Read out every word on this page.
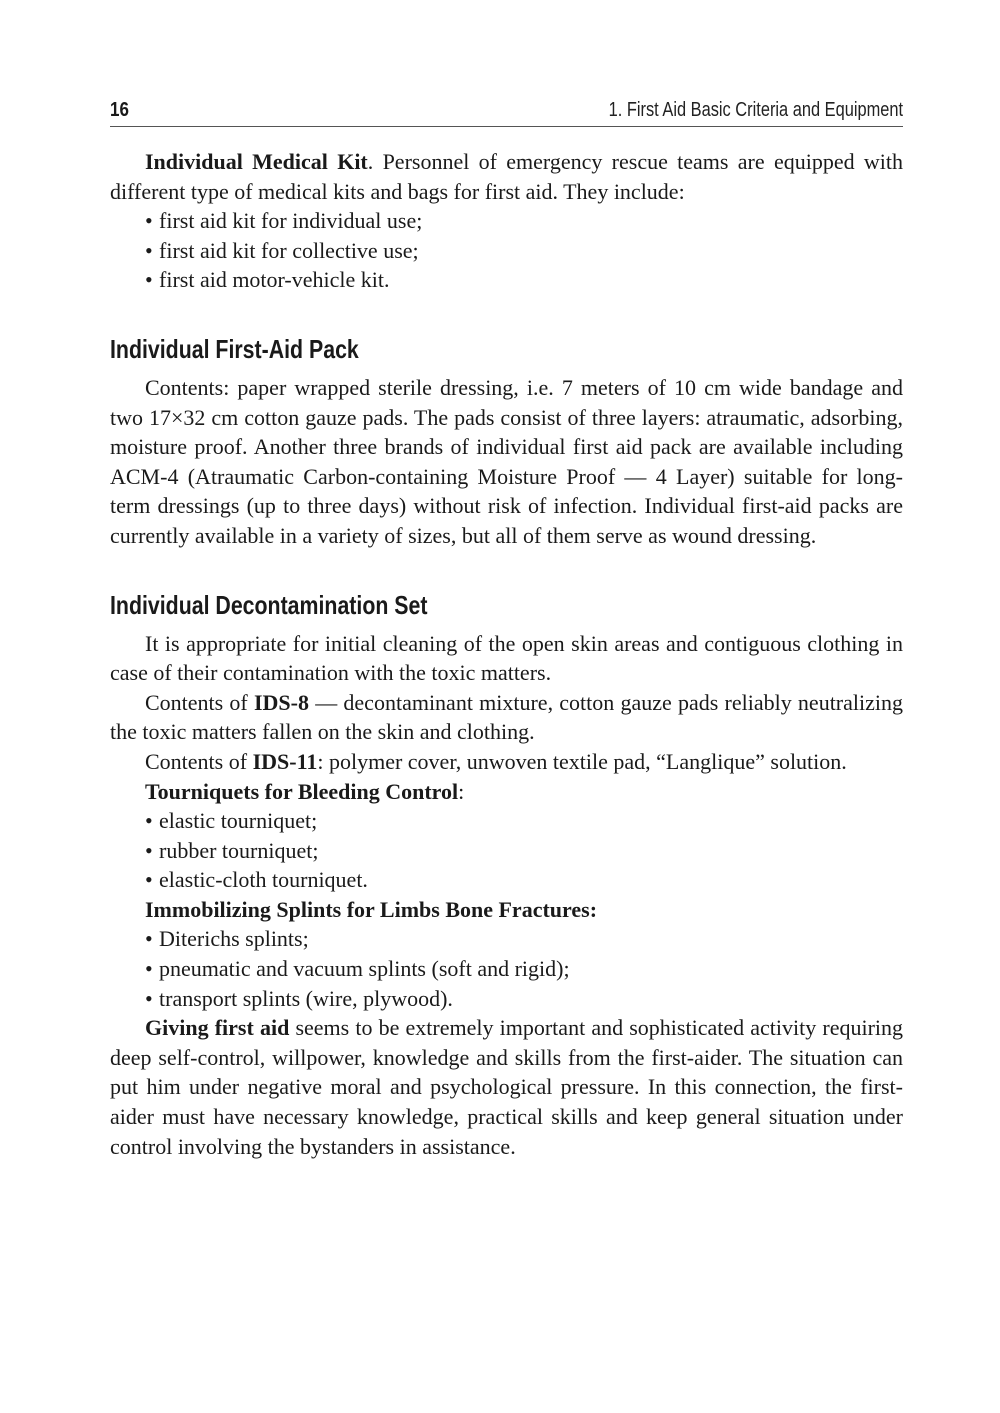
16	1. First Aid Basic Criteria and Equipment

Individual Medical Kit. Personnel of emergency rescue teams are equipped with different type of medical kits and bags for first aid. They include:

• first aid kit for individual use;
• first aid kit for collective use;
• first aid motor-vehicle kit.
Individual First-Aid Pack

Contents: paper wrapped sterile dressing, i.e. 7 meters of 10 cm wide bandage and two 17×32 cm cotton gauze pads. The pads consist of three layers: atraumatic, adsorbing, moisture proof. Another three brands of individual first aid pack are available including ACM-4 (Atraumatic Carbon-containing Moisture Proof — 4 Layer) suitable for long-term dressings (up to three days) without risk of infection. Individual first-aid packs are currently available in a variety of sizes, but all of them serve as wound dressing.

Individual Decontamination Set

It is appropriate for initial cleaning of the open skin areas and contiguous clothing in case of their contamination with the toxic matters.

Contents of IDS-8 — decontaminant mixture, cotton gauze pads reliably neutralizing the toxic matters fallen on the skin and clothing.

Contents of IDS-11: polymer cover, unwoven textile pad, “Langlique” solution.

Tourniquets for Bleeding Control:

• elastic tourniquet;
• rubber tourniquet;
• elastic-cloth tourniquet.

Immobilizing Splints for Limbs Bone Fractures:

• Diterichs splints;
• pneumatic and vacuum splints (soft and rigid);
• transport splints (wire, plywood).

Giving first aid seems to be extremely important and sophisticated activity requiring deep self-control, willpower, knowledge and skills from the first-aider. The situation can put him under negative moral and psychological pressure. In this connection, the first-aider must have necessary knowledge, practical skills and keep general situation under control involving the bystanders in assistance.
